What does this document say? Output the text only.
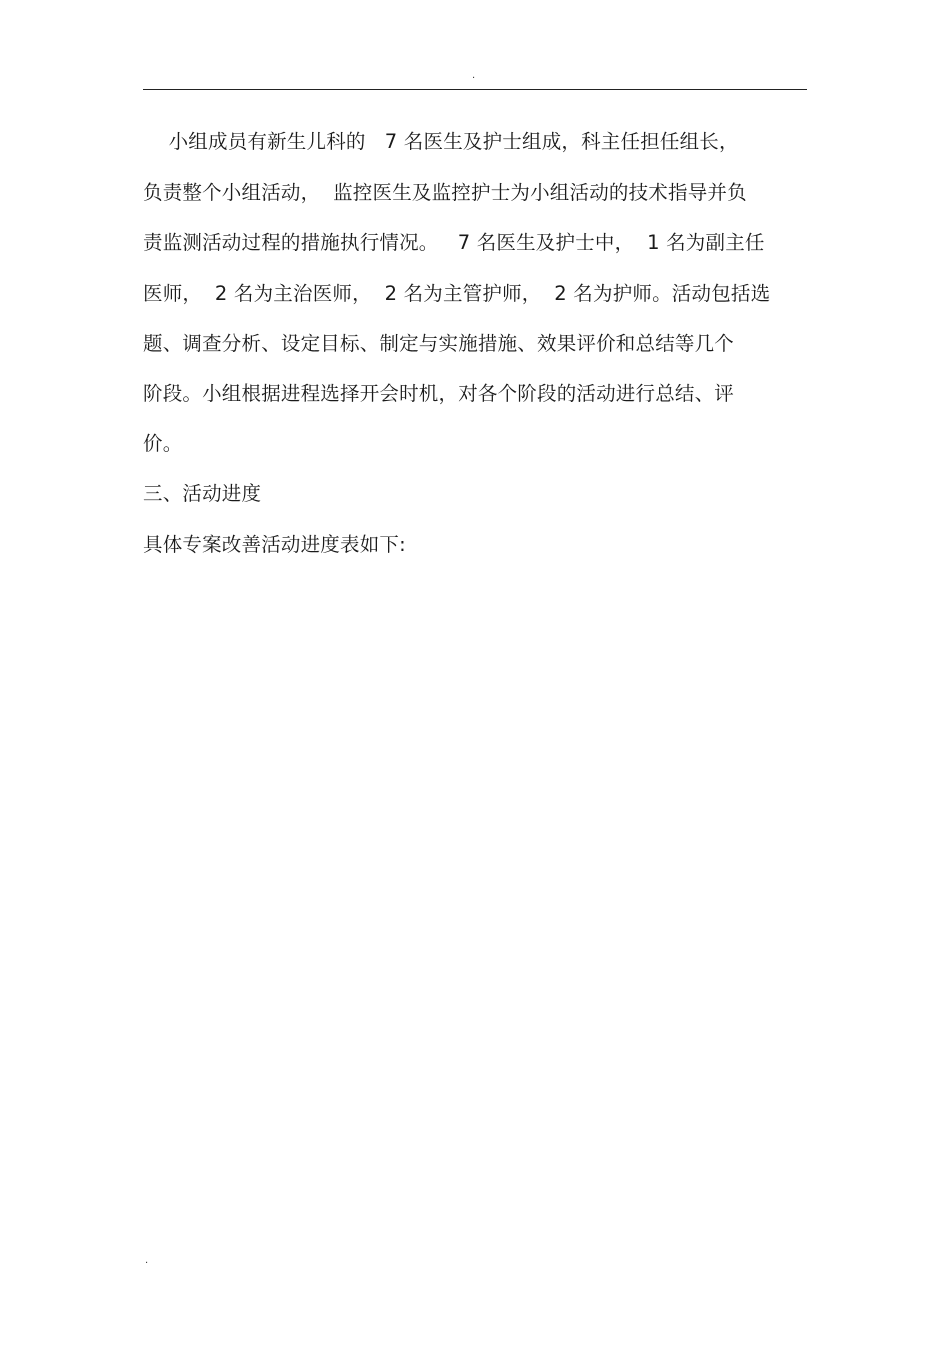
.
小组成员有新生儿科的   7 名医生及护士组成，科主任担任组长，
负责整个小组活动，  监控医生及监控护士为小组活动的技术指导并负
责监测活动过程的措施执行情况。   7 名医生及护士中，  1 名为副主任
医师，  2 名为主治医师，  2 名为主管护师，  2 名为护师。活动包括选
题、调查分析、设定目标、制定与实施措施、效果评价和总结等几个
阶段。小组根据进程选择开会时机，对各个阶段的活动进行总结、评
价。
三、活动进度
具体专案改善活动进度表如下:
.
